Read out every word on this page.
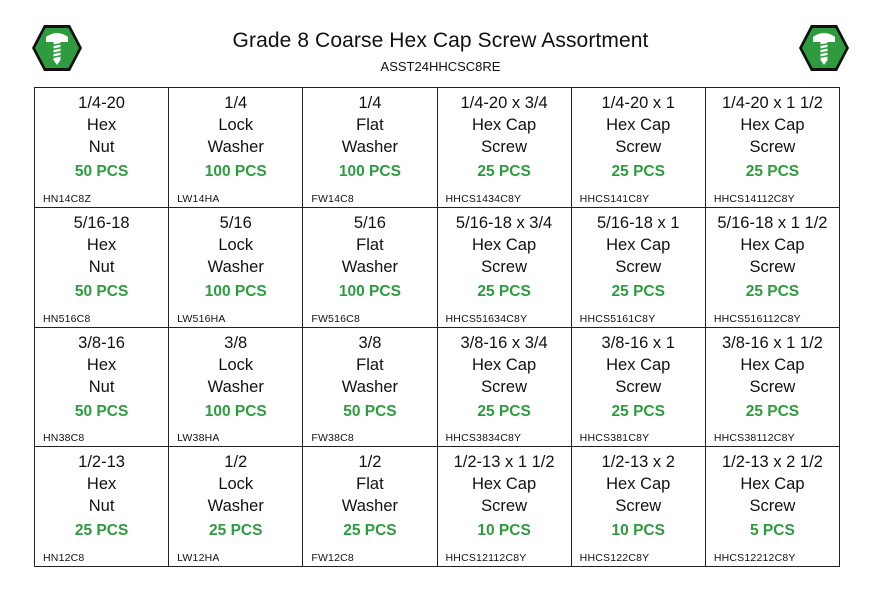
Grade 8 Coarse Hex Cap Screw Assortment
ASST24HHCSC8RE
1/4-20
Hex
Nut
50 PCS
HN14C8Z
1/4
Lock
Washer
100 PCS
LW14HA
1/4
Flat
Washer
100 PCS
FW14C8
1/4-20 x 3/4
Hex Cap
Screw
25 PCS
HHCS1434C8Y
1/4-20 x 1
Hex Cap
Screw
25 PCS
HHCS141C8Y
1/4-20 x 1 1/2
Hex Cap
Screw
25 PCS
HHCS14112C8Y
5/16-18
Hex
Nut
50 PCS
HN516C8
5/16
Lock
Washer
100 PCS
LW516HA
5/16
Flat
Washer
100 PCS
FW516C8
5/16-18 x 3/4
Hex Cap
Screw
25 PCS
HHCS51634C8Y
5/16-18 x 1
Hex Cap
Screw
25 PCS
HHCS5161C8Y
5/16-18 x 1 1/2
Hex Cap
Screw
25 PCS
HHCS516112C8Y
3/8-16
Hex
Nut
50 PCS
HN38C8
3/8
Lock
Washer
100 PCS
LW38HA
3/8
Flat
Washer
50 PCS
FW38C8
3/8-16 x 3/4
Hex Cap
Screw
25 PCS
HHCS3834C8Y
3/8-16 x 1
Hex Cap
Screw
25 PCS
HHCS381C8Y
3/8-16 x 1 1/2
Hex Cap
Screw
25 PCS
HHCS38112C8Y
1/2-13
Hex
Nut
25 PCS
HN12C8
1/2
Lock
Washer
25 PCS
LW12HA
1/2
Flat
Washer
25 PCS
FW12C8
1/2-13 x 1 1/2
Hex Cap
Screw
10 PCS
HHCS12112C8Y
1/2-13 x 2
Hex Cap
Screw
10 PCS
HHCS122C8Y
1/2-13 x 2 1/2
Hex Cap
Screw
5 PCS
HHCS12212C8Y
